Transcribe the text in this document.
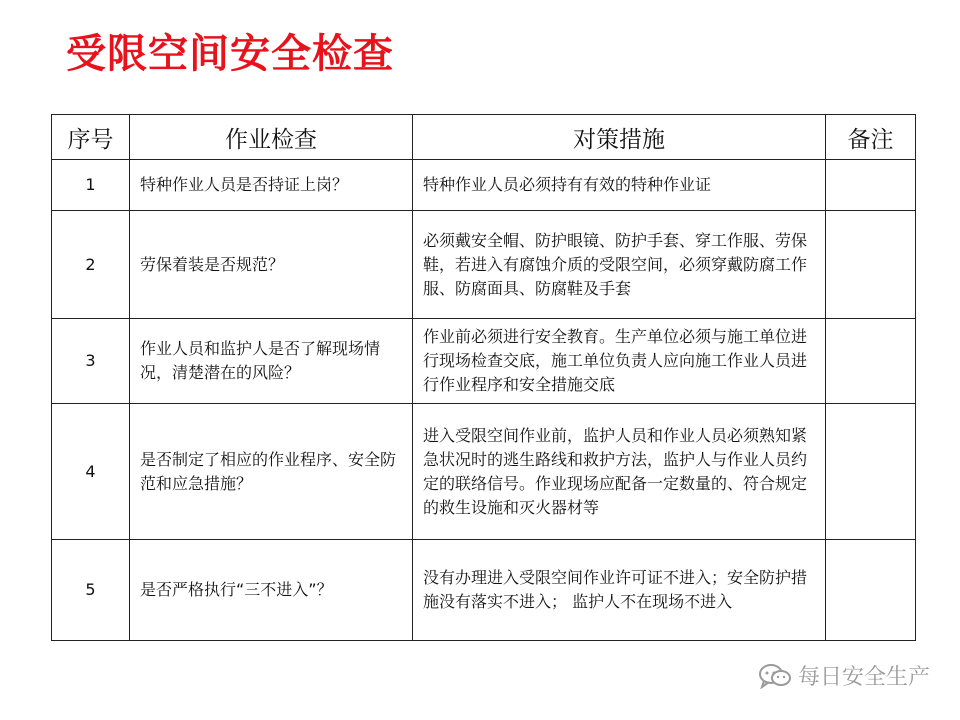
受限空间安全检查
序号	作业检查	对策措施	备注
1	特种作业人员是否持证上岗？	特种作业人员必须持有有效的特种作业证	
2	劳保着装是否规范？	必须戴安全帽、防护眼镜、防护手套、穿工作服、劳保鞋，若进入有腐蚀介质的受限空间，必须穿戴防腐工作服、防腐面具、防腐鞋及手套	
3	作业人员和监护人是否了解现场情况，清楚潜在的风险？	作业前必须进行安全教育。生产单位必须与施工单位进行现场检查交底，施工单位负责人应向施工作业人员进行作业程序和安全措施交底	
4	是否制定了相应的作业程序、安全防范和应急措施？	进入受限空间作业前，监护人员和作业人员必须熟知紧急状况时的逃生路线和救护方法，监护人与作业人员约定的联络信号。作业现场应配备一定数量的、符合规定的救生设施和灭火器材等	
5	是否严格执行“三不进入”？	没有办理进入受限空间作业许可证不进入；安全防护措施没有落实不进入； 监护人不在现场不进入	
每日安全生产
